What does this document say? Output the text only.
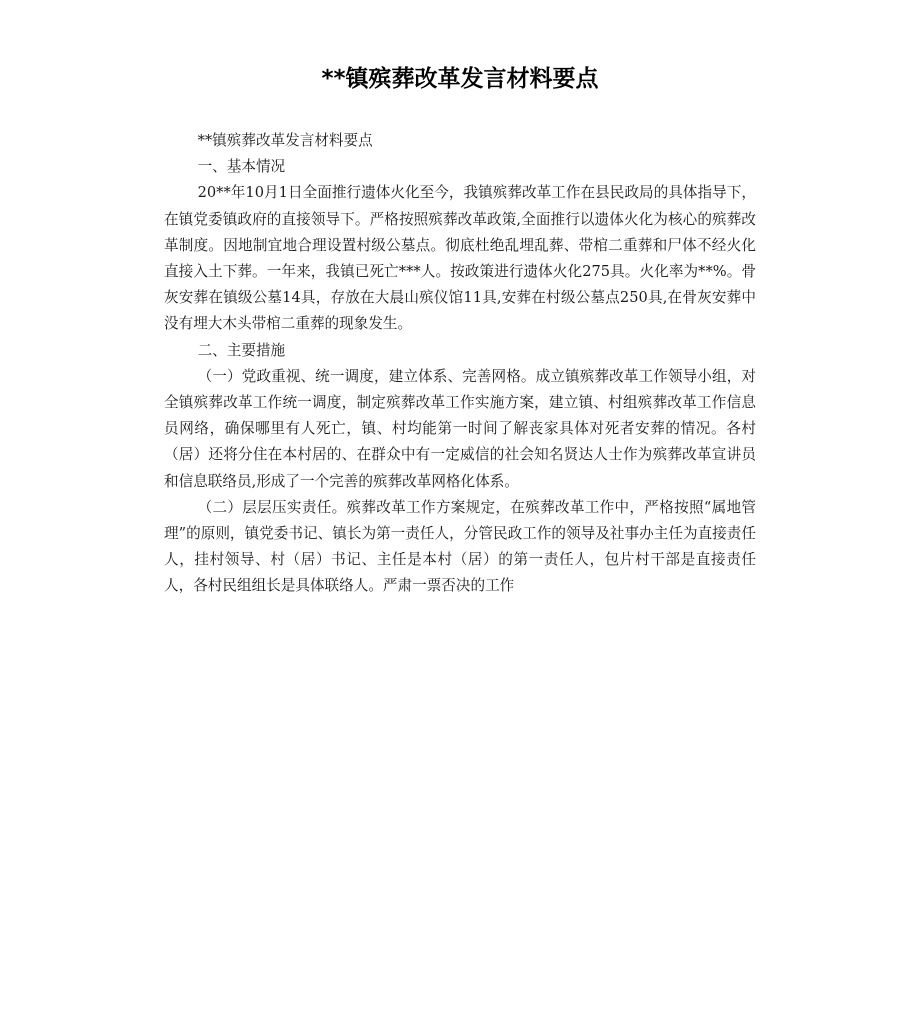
**镇殡葬改革发言材料要点

**镇殡葬改革发言材料要点

一、基本情况

20**年10月1日全面推行遗体火化至今，我镇殡葬改革工作在县民政局的具体指导下，在镇党委镇政府的直接领导下。严格按照殡葬改革政策,全面推行以遗体火化为核心的殡葬改革制度。因地制宜地合理设置村级公墓点。彻底杜绝乱埋乱葬、带棺二重葬和尸体不经火化直接入土下葬。一年来，我镇已死亡***人。按政策进行遗体火化275具。火化率为**%。骨灰安葬在镇级公墓14具，存放在大晨山殡仪馆11具,安葬在村级公墓点250具,在骨灰安葬中没有埋大木头带棺二重葬的现象发生。

二、主要措施

（一）党政重视、统一调度，建立体系、完善网格。成立镇殡葬改革工作领导小组，对全镇殡葬改革工作统一调度，制定殡葬改革工作实施方案，建立镇、村组殡葬改革工作信息员网络，确保哪里有人死亡，镇、村均能第一时间了解丧家具体对死者安葬的情况。各村（居）还将分住在本村居的、在群众中有一定威信的社会知名贤达人士作为殡葬改革宣讲员和信息联络员,形成了一个完善的殡葬改革网格化体系。

（二）层层压实责任。殡葬改革工作方案规定，在殡葬改革工作中，严格按照“属地管理”的原则，镇党委书记、镇长为第一责任人，分管民政工作的领导及社事办主任为直接责任人，挂村领导、村（居）书记、主任是本村（居）的第一责任人，包片村干部是直接责任人，各村民组组长是具体联络人。严肃一票否决的工作
